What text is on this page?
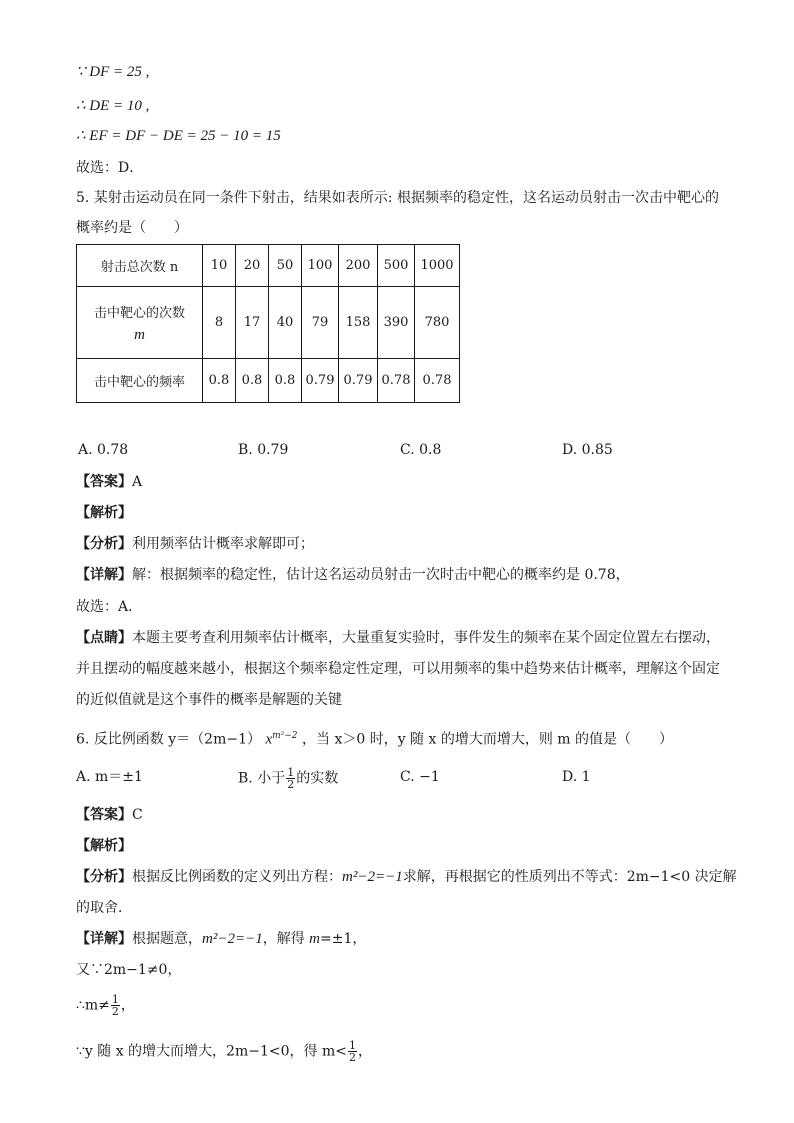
∵ DF = 25 ,
∴ DE = 10 ,
∴ EF = DF − DE = 25 − 10 = 15
故选：D．
5. 某射击运动员在同一条件下射击，结果如表所示: 根据频率的稳定性，这名运动员射击一次击中靶心的
概率约是（　　）
射击总次数 n	10	20	50	100	200	500	1000

击中靶心的次数
m	8	17	40	79	158	390	780
击中靶心的频率	0.8	0.8	0.8	0.79	0.79	0.78	0.78
A. 0.78	B. 0.79	C. 0.8	D. 0.85
【答案】A
【解析】
【分析】利用频率估计概率求解即可；
【详解】解：根据频率的稳定性，估计这名运动员射击一次时击中靶心的概率约是 0.78，
故选：A．
【点睛】本题主要考查利用频率估计概率，大量重复实验时，事件发生的频率在某个固定位置左右摆动，
并且摆动的幅度越来越小，根据这个频率稳定性定理，可以用频率的集中趋势来估计概率，理解这个固定
的近似值就是这个事件的概率是解题的关键
6. 反比例函数 y＝（2m−1） $x^{m^2-2}$ ，当 x＞0 时，y 随 x 的增大而增大，则 m 的值是（　　）
A. m＝±1	B. 小于 $\frac{1}{2}$ 的实数	C. −1	D. 1
【答案】C
【解析】
【分析】根据反比例函数的定义列出方程：m²−2=−1求解，再根据它的性质列出不等式：2m−1<0 决定解
的取舍．
【详解】根据题意，m²−2=−1，解得 m=±1，
又∵2m−1≠0，
∴m≠ $\frac{1}{2}$ ，
∵y 随 x 的增大而增大，2m−1<0，得 $m< \frac{1}{2}$ ，
